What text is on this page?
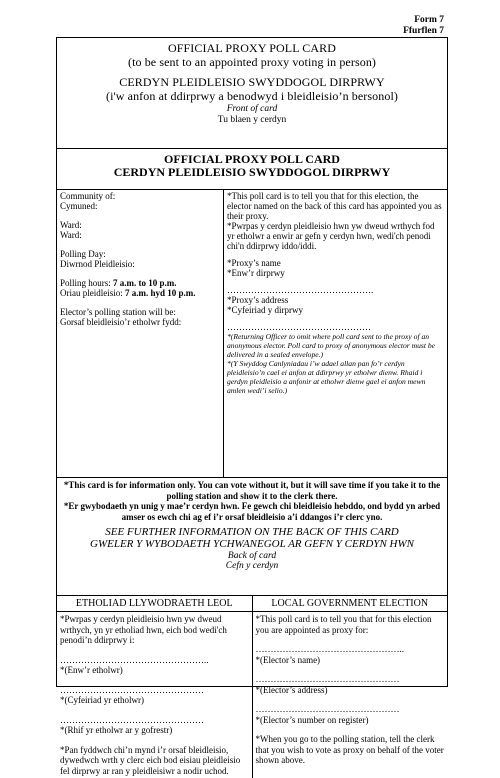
Form 7
Ffurflen 7
OFFICIAL PROXY POLL CARD
(to be sent to an appointed proxy voting in person)
CERDYN PLEIDLEISIO SWYDDOGOL DIRPRWY
(i'w anfon at ddirprwy a benodwyd i bleidleisio’n bersonol)
Front of card
Tu blaen y cerdyn
OFFICIAL PROXY POLL CARD
CERDYN PLEIDLEISIO SWYDDOGOL DIRPRWY
Community of:
Cymuned:
Ward:
Ward:
Polling Day:
Diwrnod Pleidleisio:
Polling hours: 7 a.m. to 10 p.m.
Oriau pleidleisio: 7 a.m. hyd 10 p.m.
Elector’s polling station will be:
Gorsaf bleidleisio’r etholwr fydd:
*This poll card is to tell you that for this election, the elector named on the back of this card has appointed you as their proxy.
*Pwrpas y cerdyn pleidleisio hwn yw dweud wrthych fod yr etholwr a enwir ar gefn y cerdyn hwn, wedi'ch penodi chi'n ddirprwy iddo/iddi.
*Proxy’s name
*Enw’r dirprwy
………………………………………….
*Proxy’s address
*Cyfeiriad y dirprwy
…………………………………………
*(Returning Officer to omit where poll card sent to the proxy of an anonymous elector. Poll card to proxy of anonymous elector must be delivered in a sealed envelope.)
*(Y Swyddog Canlyniadau i’w adael allan pan fo’r cerdyn pleidleisio’n cael ei anfon at ddirprwy yr etholwr dienw. Rhaid i gerdyn pleidleisio a anfonir at etholwr dienw gael ei anfon mewn amlen wedi’i selio.)
*This card is for information only. You can vote without it, but it will save time if you take it to the polling station and show it to the clerk there.
*Er gwybodaeth yn unig y mae’r cerdyn hwn. Fe gewch chi bleidleisio hebddo, ond bydd yn arbed amser os ewch chi ag ef i’r orsaf bleidleisio a’i ddangos i’r clerc yno.
SEE FURTHER INFORMATION ON THE BACK OF THIS CARD
GWELER Y WYBODAETH YCHWANEGOL AR GEFN Y CERDYN HWN
Back of card
Cefn y cerdyn
ETHOLIAD LLYWODRAETH LEOL
*Pwrpas y cerdyn pleidleisio hwn yw dweud wrthych, yn yr etholiad hwn, eich bod wedi'ch penodi’n ddirprwy i:
…………………………………………..
*(Enw’r etholwr)
…………………………………………
*(Cyfeiriad yr etholwr)
…………………………………………
*(Rhif yr etholwr ar y gofrestr)
*Pan fyddwch chi’n mynd i’r orsaf bleidleisio, dywedwch wrth y clerc eich bod eisiau pleidleisio fel dirprwy ar ran y pleidleisiwr a nodir uchod.
LOCAL GOVERNMENT ELECTION
*This poll card is to tell you that for this election you are appointed as proxy for:
…………………………………………..
*(Elector’s name)
…………………………………………
*(Elector’s address)
…………………………………………
*(Elector’s number on register)
*When you go to the polling station, tell the clerk that you wish to vote as proxy on behalf of the voter shown above.
